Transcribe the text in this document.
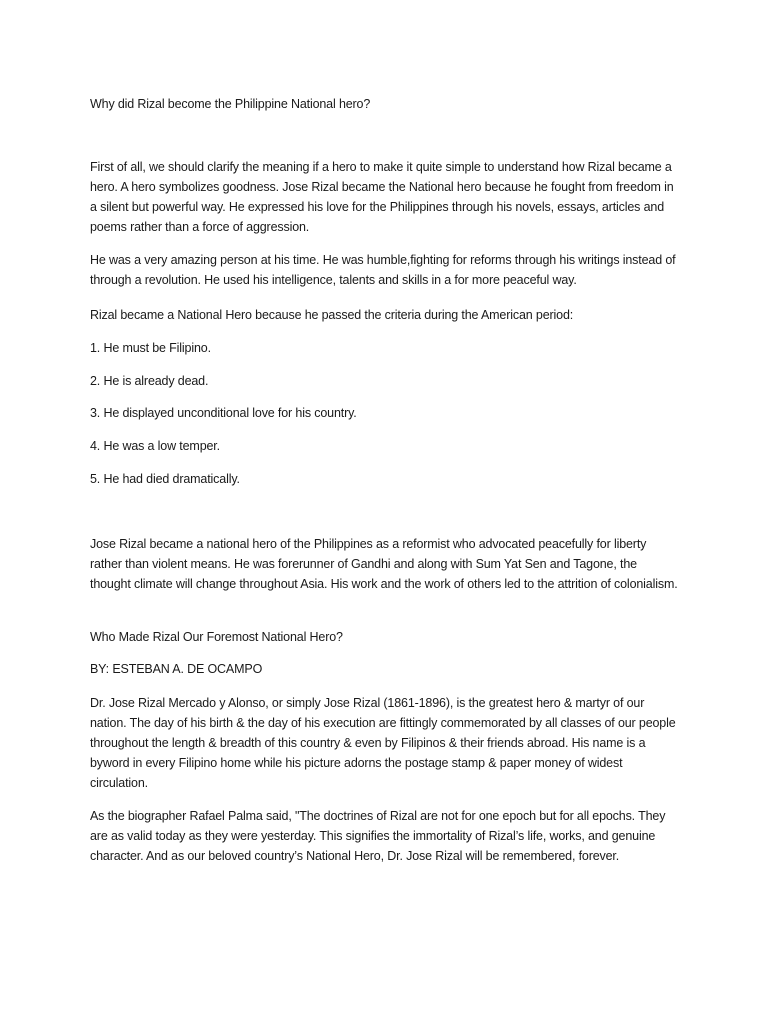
Why did Rizal become the Philippine National hero?

First of all, we should clarify the meaning if a hero to make it quite simple to understand how Rizal became a hero. A hero symbolizes goodness. Jose Rizal became the National hero because he fought from freedom in a silent but powerful way. He expressed his love for the Philippines through his novels, essays, articles and poems rather than a force of aggression.

He was a very amazing person at his time. He was humble,fighting for reforms through his writings instead of through a revolution. He used his intelligence, talents and skills in a for more peaceful way.

Rizal became a National Hero because he passed the criteria during the American period:

1. He must be Filipino.

2. He is already dead.

3. He displayed unconditional love for his country.

4. He was a low temper.

5. He had died dramatically.

Jose Rizal became a national hero of the Philippines as a reformist who advocated peacefully for liberty rather than violent means. He was forerunner of Gandhi and along with Sum Yat Sen and Tagone, the thought climate will change throughout Asia. His work and the work of others led to the attrition of colonialism.

Who Made Rizal Our Foremost National Hero?

BY: ESTEBAN A. DE OCAMPO

Dr. Jose Rizal Mercado y Alonso, or simply Jose Rizal (1861-1896), is the greatest hero & martyr of our nation. The day of his birth & the day of his execution are fittingly commemorated by all classes of our people throughout the length & breadth of this country & even by Filipinos & their friends abroad. His name is a byword in every Filipino home while his picture adorns the postage stamp & paper money of widest circulation.

As the biographer Rafael Palma said, "The doctrines of Rizal are not for one epoch but for all epochs. They are as valid today as they were yesterday. This signifies the immortality of Rizal’s life, works, and genuine character. And as our beloved country’s National Hero, Dr. Jose Rizal will be remembered, forever.
